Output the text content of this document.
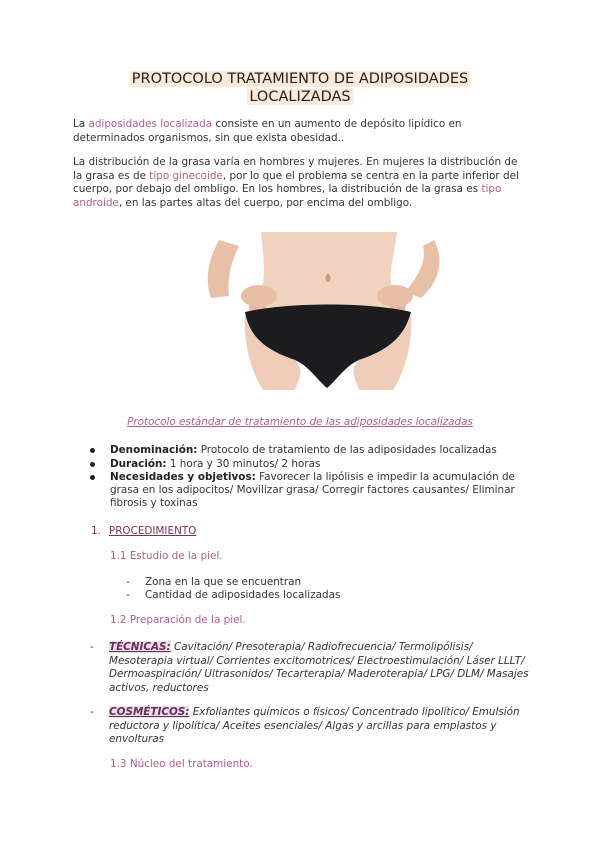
PROTOCOLO TRATAMIENTO DE ADIPOSIDADES
LOCALIZADAS
La adiposidades localizada consiste en un aumento de depósito lipídico en determinados organismos, sin que exista obesidad..
La distribución de la grasa varía en hombres y mujeres. En mujeres la distribución de la grasa es de tipo ginecoide, por lo que el problema se centra en la parte inferior del cuerpo, por debajo del ombligo. En los hombres, la distribución de la grasa es tipo androide, en las partes altas del cuerpo, por encima del ombligo.
Protocolo estándar de tratamiento de las adiposidades localizadas
Denominación: Protocolo de tratamiento de las adiposidades localizadas
Duración: 1 hora y 30 minutos/ 2 horas
Necesidades y objetivos: Favorecer la lipólisis e impedir la acumulación de grasa en los adipocitos/ Movilizar grasa/ Corregir factores causantes/ Eliminar fibrosis y toxinas
1. PROCEDIMIENTO
1.1 Estudio de la piel.
- Zona en la que se encuentran
- Cantidad de adiposidades localizadas
1.2 Preparación de la piel.
- TÉCNICAS: Cavitación/ Presoterapia/ Radiofrecuencia/ Termolipólisis/ Mesoterapia virtual/ Corrientes excitomotrices/ Electroestimulación/ Láser LLLT/ Dermoaspiración/ Ultrasonidos/ Tecarterapia/ Maderoterapia/ LPG/ DLM/ Masajes activos, reductores
- COSMÉTICOS: Exfoliantes químicos o físicos/ Concentrado lipolítico/ Emulsión reductora y lipolítica/ Aceites esenciales/ Algas y arcillas para emplastos y envolturas
1.3 Núcleo del tratamiento.
